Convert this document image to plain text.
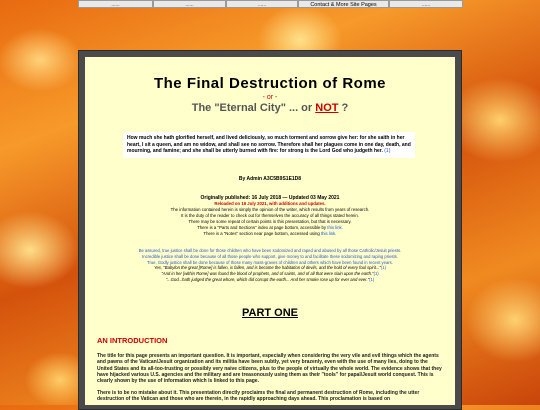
......	......	......	Contact & More Site Pages	......
The Final Destruction of Rome
- or -
The "Eternal City" ... or NOT ?
How much she hath glorified herself, and lived deliciously, so much torment and sorrow give her: for she saith in her heart, I sit a queen, and am no widow, and shall see no sorrow. Therefore shall her plagues come in one day, death, and mourning, and famine; and she shall be utterly burned with fire: for strong is the Lord God who judgeth her. (1)
By Admin A3C5B9S1E1D8
Originally published: 16 July 2018 — Updated 03 May 2021
Reloaded on 19 July 2021, with additions and updates.
The information contained herein is simply the opinion of the writer, which results from years of research.
It is the duty of the reader to check out for themselves the accuracy of all things stated herein.
There may be some repeat of certain points in this presentation, but that is necessary.
There is a "Parts and Sections" index at page bottom, accessible by this link.
There is a "Notes" section near page bottom, accessed using this link.
Be assured, true justice shall be done for those children who have been sodomized and raped and abused by all those Catholic/Jesuit priests.
Incredible justice shall be done because of all those people who support, give money to and facilitate these sodomizing and raping priests.
True, Godly justice shall be done because of those many mass-graves of children and others which have been found in recent years.
Yes, "Babylon the great [Rome] is fallen, is fallen, and is become the habitation of devils, and the hold of every foul spirit..."(1)
"And in her [within Rome] was found the blood of prophets, and of saints, and of all that were slain upon the earth."(1)
"...God...hath judged the great whore, which did corrupt the earth... And her smoke rose up for ever and ever."(1)
PART ONE
AN INTRODUCTION
The title for this page presents an important question. It is important, especially when considering the very vile and evil things which the agents and pawns of the Vatican/Jesuit organization and its militia have been subtly, yet very brazenly, even with the use of many lies, doing to the United States and its all-too-trusting or possibly very naive citizens, plus to the people of virtually the whole world. The evidence shows that they have hijacked various U.S. agencies and the military and are treasonously using them as their "tools" for papal/Jesuit world conquest. This is clearly shown by the use of information which is linked to this page.
There is to be no mistake about it. This presentation directly proclaims the final and permanent destruction of Rome, including the utter destruction of the Vatican and those who are therein, in the rapidly approaching days ahead. This proclamation is based on
